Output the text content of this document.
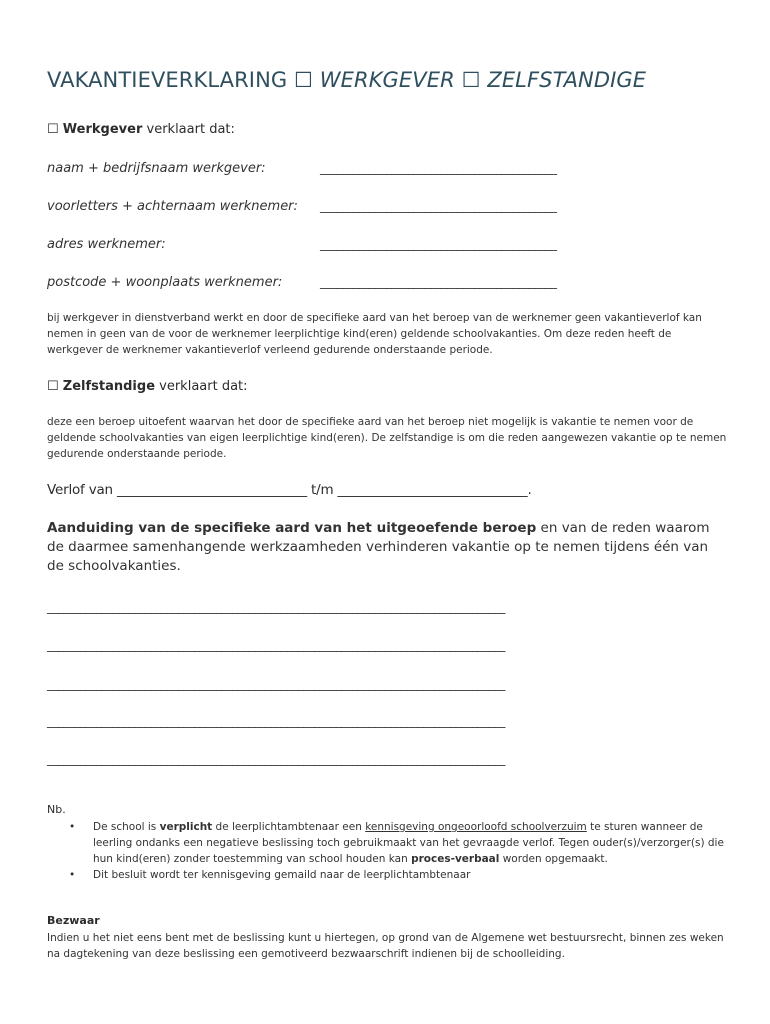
VAKANTIEVERKLARING ☐ WERKGEVER ☐ ZELFSTANDIGE
☐ Werkgever verklaart dat:
naam + bedrijfsnaam werkgever:	___________________________________________
voorletters + achternaam werknemer: ___________________________________________
adres werknemer:	___________________________________________
postcode + woonplaats werknemer:	___________________________________________
bij werkgever in dienstverband werkt en door de specifieke aard van het beroep van de werknemer geen vakantieverlof kan nemen in geen van de voor de werknemer leerplichtige kind(eren) geldende schoolvakanties. Om deze reden heeft de werkgever de werknemer vakantieverlof verleend gedurende onderstaande periode.
☐ Zelfstandige verklaart dat:
deze een beroep uitoefent waarvan het door de specifieke aard van het beroep niet mogelijk is vakantie te nemen voor de geldende schoolvakanties van eigen leerplichtige kind(eren). De zelfstandige is om die reden aangewezen vakantie op te nemen gedurende onderstaande periode.
Verlof van _____________________________ t/m _____________________________.
Aanduiding van de specifieke aard van het uitgeoefende beroep en van de reden waarom de daarmee samenhangende werkzaamheden verhinderen vakantie op te nemen tijdens één van de schoolvakanties.
____________________________________________________________________________________
____________________________________________________________________________________
____________________________________________________________________________________
____________________________________________________________________________________
____________________________________________________________________________________
Nb.
• De school is verplicht de leerplichtambtenaar een kennisgeving ongeoorloofd schoolverzuim te sturen wanneer de leerling ondanks een negatieve beslissing toch gebruikmaakt van het gevraagde verlof. Tegen ouder(s)/verzorger(s) die hun kind(eren) zonder toestemming van school houden kan proces-verbaal worden opgemaakt.
• Dit besluit wordt ter kennisgeving gemaild naar de leerplichtambtenaar
Bezwaar
Indien u het niet eens bent met de beslissing kunt u hiertegen, op grond van de Algemene wet bestuursrecht, binnen zes weken na dagtekening van deze beslissing een gemotiveerd bezwaarschrift indienen bij de schoolleiding.
